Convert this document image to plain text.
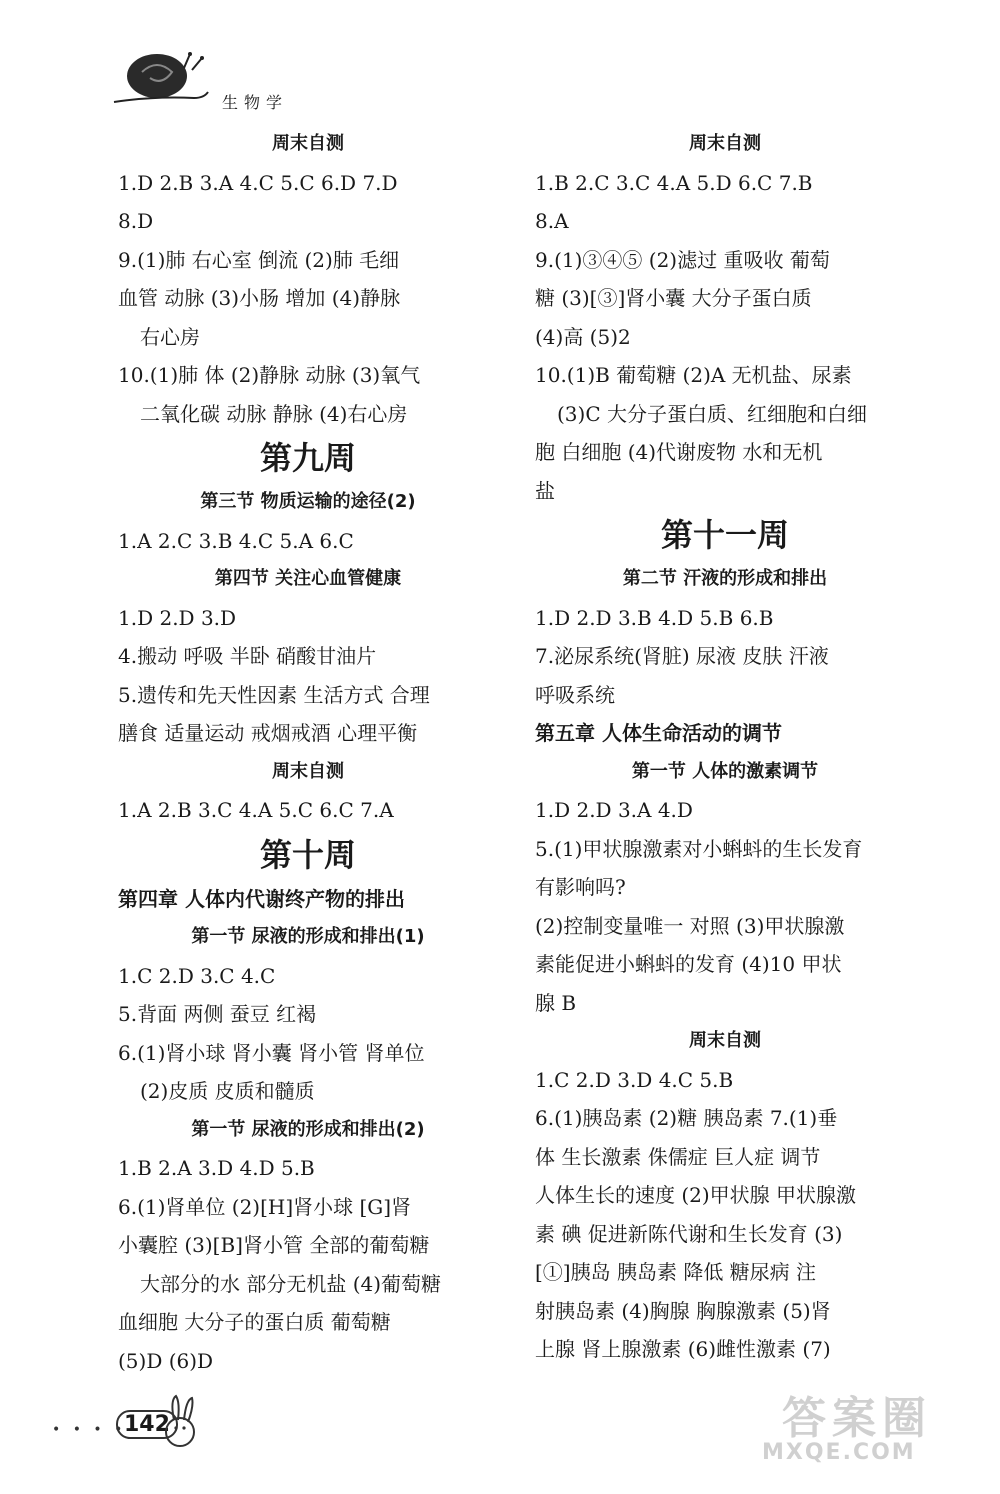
生物学
周末自测
1.D 2.B 3.A 4.C 5.C 6.D 7.D
8.D
9.(1)肺 右心室 倒流 (2)肺 毛细
血管 动脉 (3)小肠 增加 (4)静脉
右心房
10.(1)肺 体 (2)静脉 动脉 (3)氧气
二氧化碳 动脉 静脉 (4)右心房
第九周
第三节 物质运输的途径(2)
1.A 2.C 3.B 4.C 5.A 6.C
第四节 关注心血管健康
1.D 2.D 3.D
4.搬动 呼吸 半卧 硝酸甘油片
5.遗传和先天性因素 生活方式 合理
膳食 适量运动 戒烟戒酒 心理平衡
周末自测
1.A 2.B 3.C 4.A 5.C 6.C 7.A
第十周
第四章 人体内代谢终产物的排出
第一节 尿液的形成和排出(1)
1.C 2.D 3.C 4.C
5.背面 两侧 蚕豆 红褐
6.(1)肾小球 肾小囊 肾小管 肾单位
(2)皮质 皮质和髓质
第一节 尿液的形成和排出(2)
1.B 2.A 3.D 4.D 5.B
6.(1)肾单位 (2)[H]肾小球 [G]肾
小囊腔 (3)[B]肾小管 全部的葡萄糖
大部分的水 部分无机盐 (4)葡萄糖
血细胞 大分子的蛋白质 葡萄糖
(5)D (6)D
周末自测
1.B 2.C 3.C 4.A 5.D 6.C 7.B
8.A
9.(1)③④⑤ (2)滤过 重吸收 葡萄
糖 (3)[③]肾小囊 大分子蛋白质
(4)高 (5)2
10.(1)B 葡萄糖 (2)A 无机盐、尿素
(3)C 大分子蛋白质、红细胞和白细
胞 白细胞 (4)代谢废物 水和无机
盐
第十一周
第二节 汗液的形成和排出
1.D 2.D 3.B 4.D 5.B 6.B
7.泌尿系统(肾脏) 尿液 皮肤 汗液
呼吸系统
第五章 人体生命活动的调节
第一节 人体的激素调节
1.D 2.D 3.A 4.D
5.(1)甲状腺激素对小蝌蚪的生长发育
有影响吗?
(2)控制变量唯一 对照 (3)甲状腺激
素能促进小蝌蚪的发育 (4)10 甲状
腺 B
周末自测
1.C 2.D 3.D 4.C 5.B
6.(1)胰岛素 (2)糖 胰岛素 7.(1)垂
体 生长激素 侏儒症 巨人症 调节
人体生长的速度 (2)甲状腺 甲状腺激
素 碘 促进新陈代谢和生长发育 (3)
[①]胰岛 胰岛素 降低 糖尿病 注
射胰岛素 (4)胸腺 胸腺激素 (5)肾
上腺 肾上腺激素 (6)雌性激素 (7)
• • • •
142	答案圈
MXQE.COM
